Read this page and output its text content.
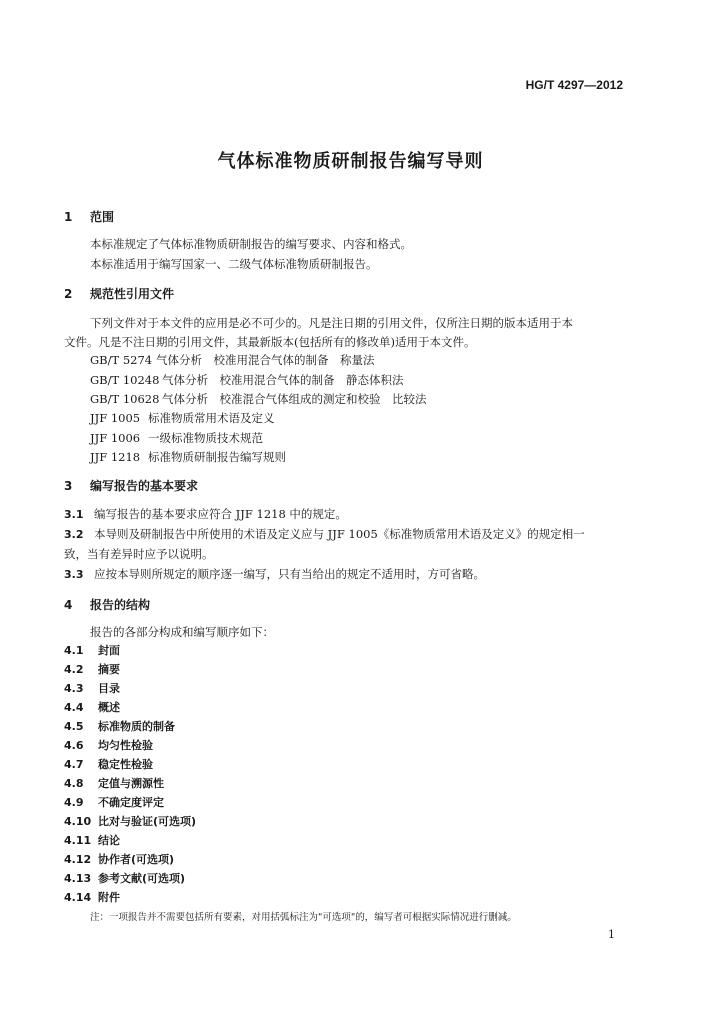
HG/T 4297—2012
气体标准物质研制报告编写导则
1 范围
本标准规定了气体标准物质研制报告的编写要求、内容和格式。
本标准适用于编写国家一、二级气体标准物质研制报告。
2 规范性引用文件
下列文件对于本文件的应用是必不可少的。凡是注日期的引用文件，仅所注日期的版本适用于本
文件。凡是不注日期的引用文件，其最新版本(包括所有的修改单)适用于本文件。
GB/T 5274 气体分析　校准用混合气体的制备　称量法
GB/T 10248 气体分析　校准用混合气体的制备　静态体积法
GB/T 10628 气体分析　校准混合气体组成的测定和校验　比较法
JJF 1005 标准物质常用术语及定义
JJF 1006 一级标准物质技术规范
JJF 1218 标准物质研制报告编写规则
3 编写报告的基本要求
3.1 编写报告的基本要求应符合 JJF 1218 中的规定。
3.2 本导则及研制报告中所使用的术语及定义应与 JJF 1005《标准物质常用术语及定义》的规定相一
致，当有差异时应予以说明。
3.3 应按本导则所规定的顺序逐一编写，只有当给出的规定不适用时，方可省略。
4 报告的结构
报告的各部分构成和编写顺序如下：
4.1 封面
4.2 摘要
4.3 目录
4.4 概述
4.5 标准物质的制备
4.6 均匀性检验
4.7 稳定性检验
4.8 定值与溯源性
4.9 不确定度评定
4.10 比对与验证(可选项)
4.11 结论
4.12 协作者(可选项)
4.13 参考文献(可选项)
4.14 附件
注：一项报告并不需要包括所有要素，对用括弧标注为"可选项"的，编写者可根据实际情况进行删减。
1
